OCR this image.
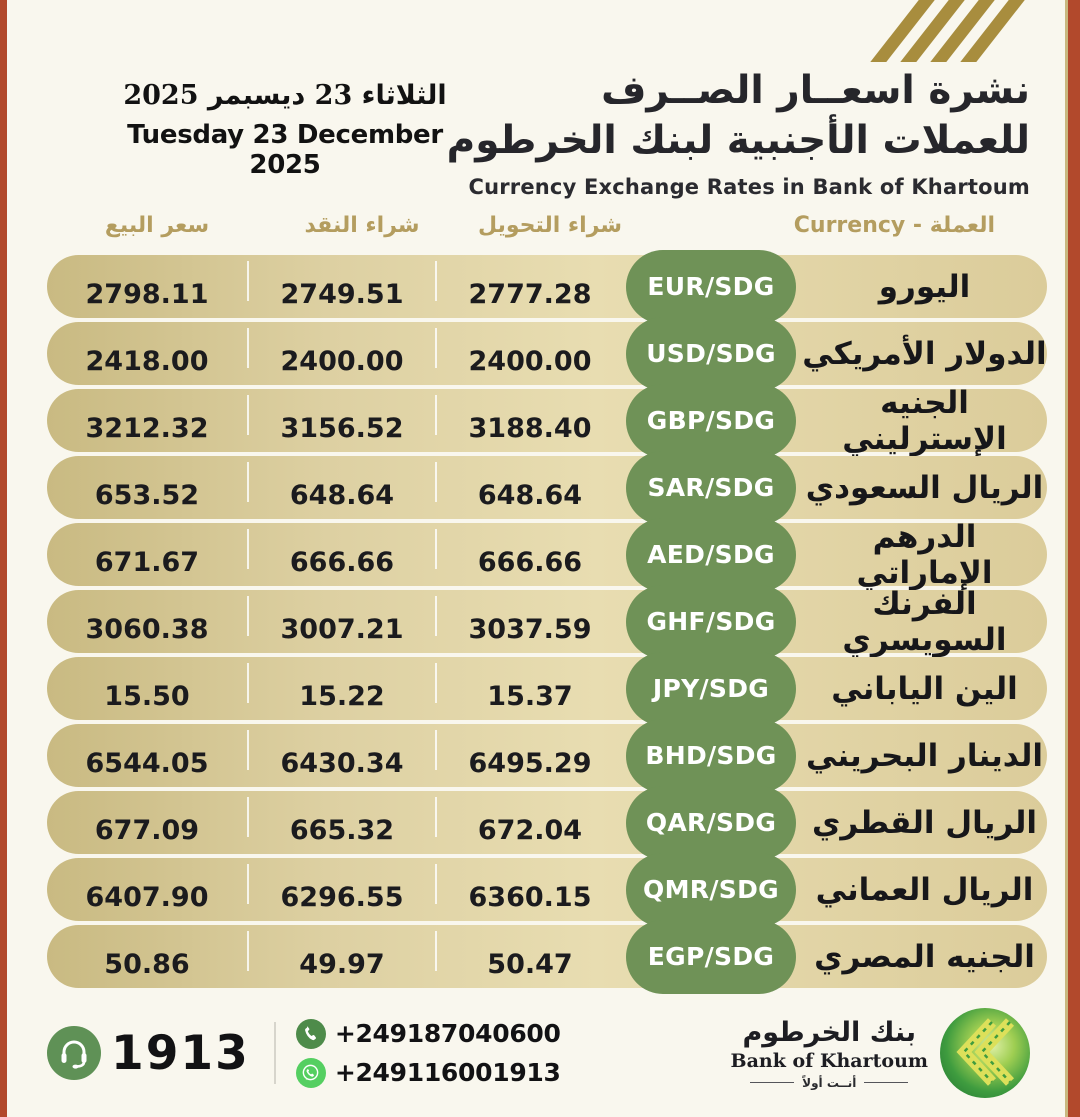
نشرة اسعــار الصــرف
للعملات الأجنبية لبنك الخرطوم
Currency Exchange Rates in Bank of Khartoum
الثلاثاء 23 ديسبمر 2025
Tuesday 23 December 2025
سعر البيع	شراء النقد	شراء التحويل	العملة - Currency
2798.11	2749.51	2777.28	EUR/SDG	اليورو
2418.00	2400.00	2400.00	USD/SDG الدولار الأمريكي
3212.32	3156.52	3188.40	GBP/SDG	الجنيه الإسترليني
653.52	648.64	648.64	SAR/SDG	الريال السعودي
671.67	666.66	666.66	AED/SDG	الدرهم الإماراتي
3060.38	3007.21	3037.59	GHF/SDG	الفرنك السويسري
15.50	15.22	15.37	JPY/SDG	الين الياباني
6544.05	6430.34	6495.29	BHD/SDG الدينار البحريني
677.09	665.32	672.04	QAR/SDG	الريال القطري
6407.90	6296.55	6360.15	QMR/SDG	الريال العماني
50.86	49.97	50.47	EGP/SDG	الجنيه المصري
1913	+249187040600
+249116001913
بنك الخرطوم
Bank of Khartoum
أنــت أولاً
